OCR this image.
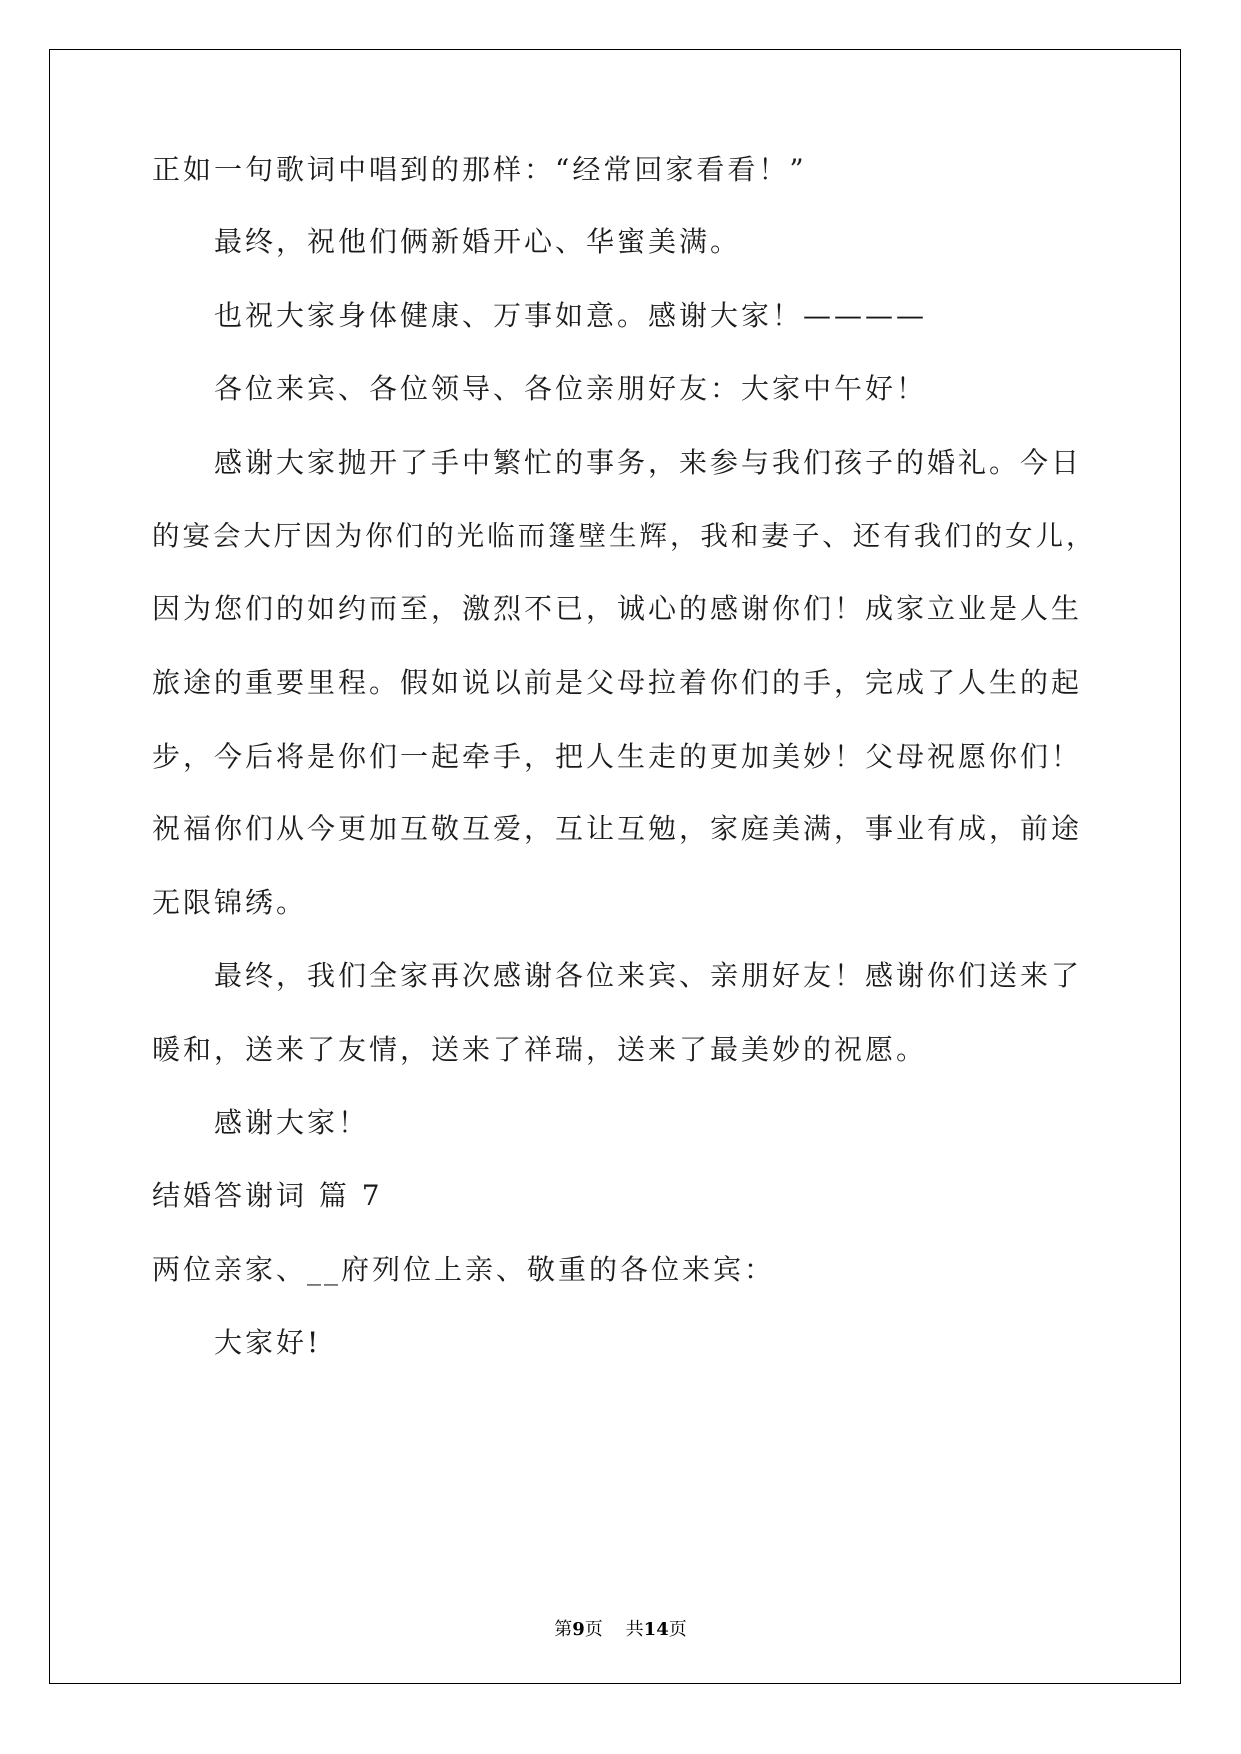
正如一句歌词中唱到的那样：“经常回家看看！”

最终，祝他们俩新婚开心、华蜜美满。

也祝大家身体健康、万事如意。感谢大家！————

各位来宾、各位领导、各位亲朋好友：大家中午好！

感谢大家抛开了手中繁忙的事务，来参与我们孩子的婚礼。今日

的宴会大厅因为你们的光临而篷壁生辉，我和妻子、还有我们的女儿，

因为您们的如约而至，激烈不已，诚心的感谢你们！成家立业是人生

旅途的重要里程。假如说以前是父母拉着你们的手，完成了人生的起

步，今后将是你们一起牵手，把人生走的更加美妙！父母祝愿你们！

祝福你们从今更加互敬互爱，互让互勉，家庭美满，事业有成，前途

无限锦绣。

最终，我们全家再次感谢各位来宾、亲朋好友！感谢你们送来了

暖和，送来了友情，送来了祥瑞，送来了最美妙的祝愿。

感谢大家！

结婚答谢词 篇 7

两位亲家、__府列位上亲、敬重的各位来宾：

大家好!

第9页    共14页
